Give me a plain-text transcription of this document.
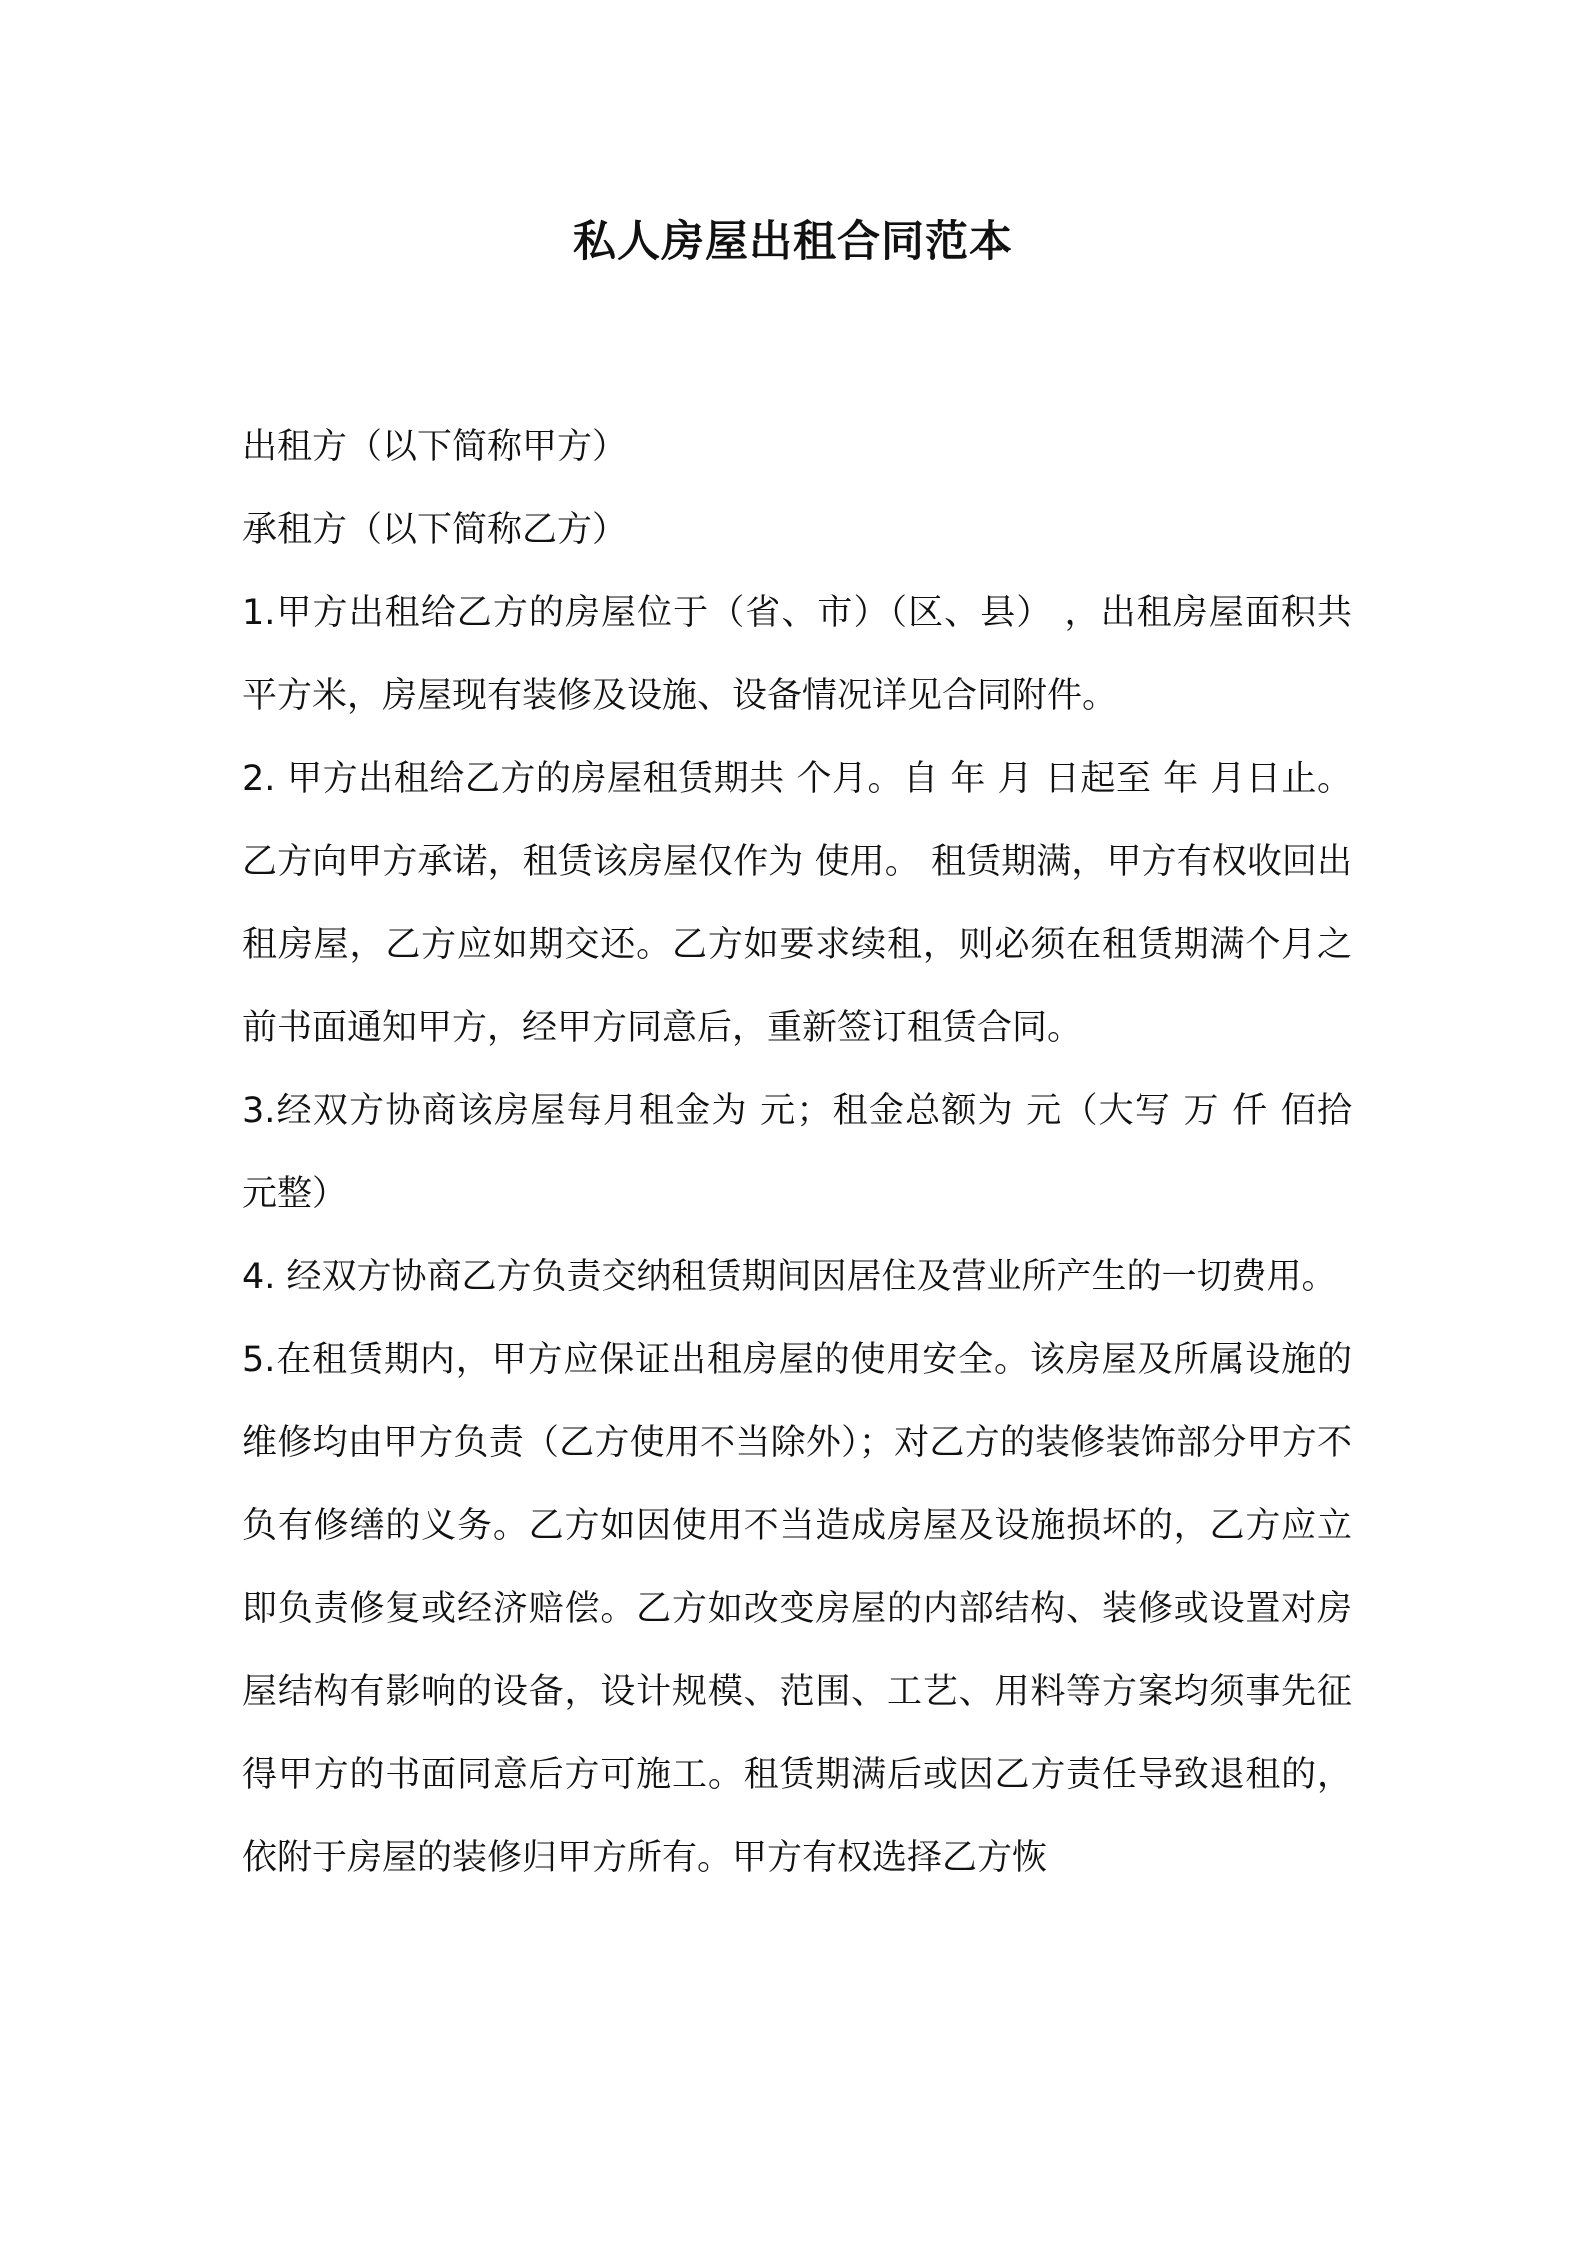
私人房屋出租合同范本

出租方（以下简称甲方）

承租方（以下简称乙方）

1.甲方出租给乙方的房屋位于（省、市）（区、县） ，出租房屋面积共 平方米，房屋现有装修及设施、设备情况详见合同附件。

2. 甲方出租给乙方的房屋租赁期共 个月。自 年 月 日起至 年 月日止。乙方向甲方承诺，租赁该房屋仅作为 使用。 租赁期满，甲方有权收回出租房屋，乙方应如期交还。乙方如要求续租，则必须在租赁期满个月之前书面通知甲方，经甲方同意后，重新签订租赁合同。

3.经双方协商该房屋每月租金为 元；租金总额为 元（大写 万 仟 佰拾 元整）

4. 经双方协商乙方负责交纳租赁期间因居住及营业所产生的一切费用。

5.在租赁期内，甲方应保证出租房屋的使用安全。该房屋及所属设施的维修均由甲方负责（乙方使用不当除外）；对乙方的装修装饰部分甲方不负有修缮的义务。乙方如因使用不当造成房屋及设施损坏的，乙方应立即负责修复或经济赔偿。乙方如改变房屋的内部结构、装修或设置对房屋结构有影响的设备，设计规模、范围、工艺、用料等方案均须事先征得甲方的书面同意后方可施工。租赁期满后或因乙方责任导致退租的，依附于房屋的装修归甲方所有。甲方有权选择乙方恢
